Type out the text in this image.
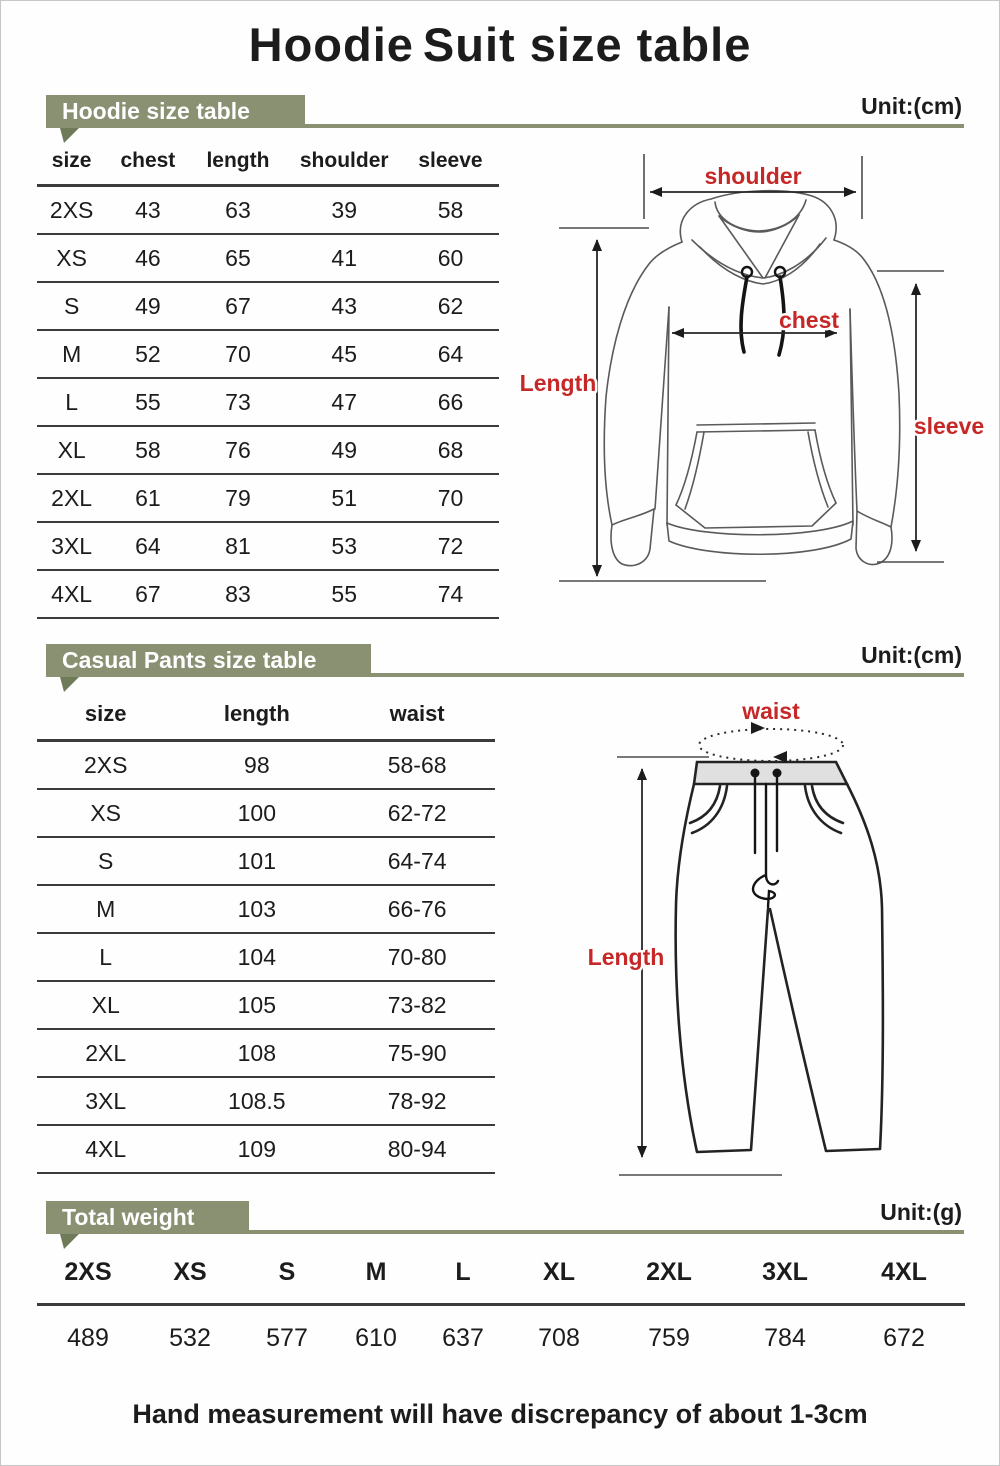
Hoodie Suit size table
Hoodie size table	Unit:(cm)
size	chest	length	shoulder	sleeve
2XS	43	63	39	58
XS	46	65	41	60
S	49	67	43	62
M	52	70	45	64
L	55	73	47	66
XL	58	76	49	68
2XL	61	79	51	70
3XL	64	81	53	72
4XL	67	83	55	74
shoulder
chest
Length
sleeve
Casual Pants size table	Unit:(cm)
size	length	waist
2XS	98	58-68
XS	100	62-72
S	101	64-74
M	103	66-76
L	104	70-80
XL	105	73-82
2XL	108	75-90
3XL	108.5	78-92
4XL	109	80-94
waist
Length
Total weight	Unit:(g)
2XS	XS	S	M	L	XL	2XL	3XL	4XL
489	532	577	610	637	708	759	784	672
Hand measurement will have discrepancy of about 1-3cm
